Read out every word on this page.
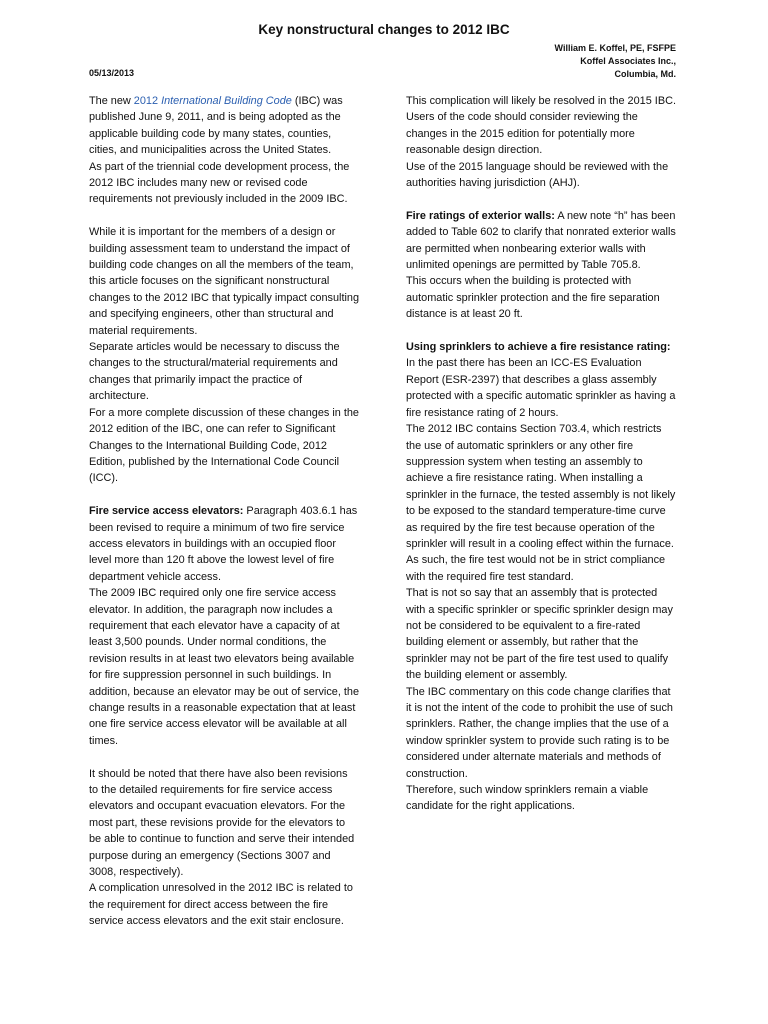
Key nonstructural changes to 2012 IBC
William E. Koffel, PE, FSFPE
Koffel Associates Inc.,
Columbia, Md.
05/13/2013

The new 2012 International Building Code (IBC) was published June 9, 2011, and is being adopted as the applicable building code by many states, counties, cities, and municipalities across the United States.

As part of the triennial code development process, the 2012 IBC includes many new or revised code requirements not previously included in the 2009 IBC.

While it is important for the members of a design or building assessment team to understand the impact of building code changes on all the members of the team, this article focuses on the significant nonstructural changes to the 2012 IBC that typically impact consulting and specifying engineers, other than structural and material requirements.

Separate articles would be necessary to discuss the changes to the structural/material requirements and changes that primarily impact the practice of architecture.

For a more complete discussion of these changes in the 2012 edition of the IBC, one can refer to Significant Changes to the International Building Code, 2012 Edition, published by the International Code Council (ICC).

Fire service access elevators: Paragraph 403.6.1 has been revised to require a minimum of two fire service access elevators in buildings with an occupied floor level more than 120 ft above the lowest level of fire department vehicle access.

The 2009 IBC required only one fire service access elevator. In addition, the paragraph now includes a requirement that each elevator have a capacity of at least 3,500 pounds. Under normal conditions, the revision results in at least two elevators being available for fire suppression personnel in such buildings. In addition, because an elevator may be out of service, the change results in a reasonable expectation that at least one fire service access elevator will be available at all times.

It should be noted that there have also been revisions to the detailed requirements for fire service access elevators and occupant evacuation elevators. For the most part, these revisions provide for the elevators to be able to continue to function and serve their intended purpose during an emergency (Sections 3007 and 3008, respectively).

A complication unresolved in the 2012 IBC is related to the requirement for direct access between the fire service access elevators and the exit stair enclosure.

This complication will likely be resolved in the 2015 IBC. Users of the code should consider reviewing the changes in the 2015 edition for potentially more reasonable design direction.

Use of the 2015 language should be reviewed with the authorities having jurisdiction (AHJ).

Fire ratings of exterior walls: A new note “h” has been added to Table 602 to clarify that nonrated exterior walls are permitted when nonbearing exterior walls with unlimited openings are permitted by Table 705.8.

This occurs when the building is protected with automatic sprinkler protection and the fire separation distance is at least 20 ft.

Using sprinklers to achieve a fire resistance rating:

In the past there has been an ICC-ES Evaluation Report (ESR-2397) that describes a glass assembly protected with a specific automatic sprinkler as having a fire resistance rating of 2 hours.

The 2012 IBC contains Section 703.4, which restricts the use of automatic sprinklers or any other fire suppression system when testing an assembly to achieve a fire resistance rating. When installing a sprinkler in the furnace, the tested assembly is not likely to be exposed to the standard temperature-time curve as required by the fire test because operation of the sprinkler will result in a cooling effect within the furnace.

As such, the fire test would not be in strict compliance with the required fire test standard.

That is not so say that an assembly that is protected with a specific sprinkler or specific sprinkler design may not be considered to be equivalent to a fire-rated building element or assembly, but rather that the sprinkler may not be part of the fire test used to qualify the building element or assembly.

The IBC commentary on this code change clarifies that it is not the intent of the code to prohibit the use of such sprinklers. Rather, the change implies that the use of a window sprinkler system to provide such rating is to be considered under alternate materials and methods of construction.

Therefore, such window sprinklers remain a viable candidate for the right applications.
